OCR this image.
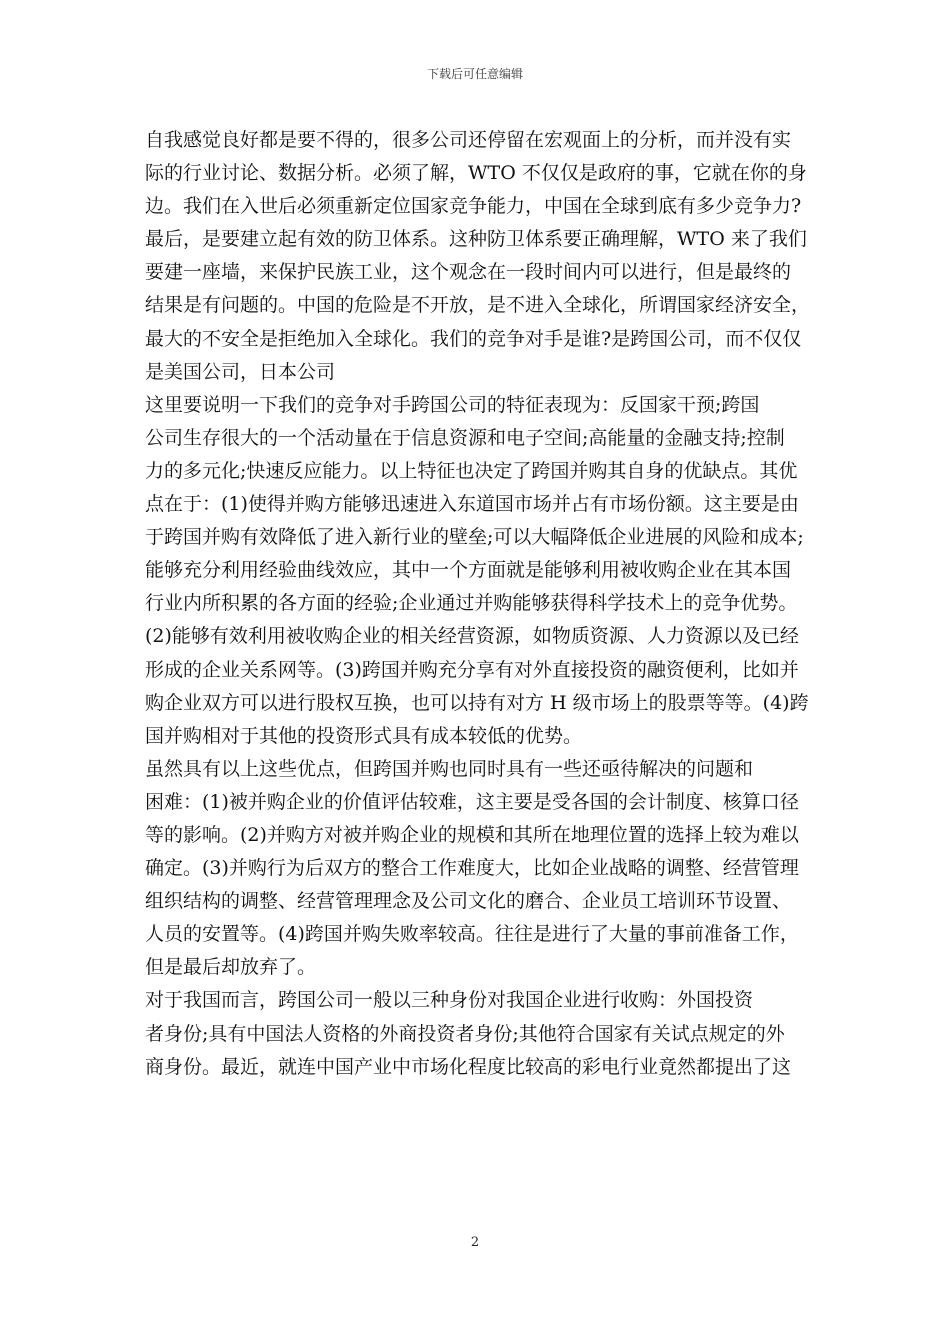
下载后可任意编辑
自我感觉良好都是要不得的，很多公司还停留在宏观面上的分析，而并没有实
际的行业讨论、数据分析。必须了解，WTO 不仅仅是政府的事，它就在你的身
边。我们在入世后必须重新定位国家竞争能力，中国在全球到底有多少竞争力?
最后，是要建立起有效的防卫体系。这种防卫体系要正确理解，WTO 来了我们
要建一座墙，来保护民族工业，这个观念在一段时间内可以进行，但是最终的
结果是有问题的。中国的危险是不开放，是不进入全球化，所谓国家经济安全，
最大的不安全是拒绝加入全球化。我们的竞争对手是谁?是跨国公司，而不仅仅
是美国公司，日本公司
这里要说明一下我们的竞争对手跨国公司的特征表现为：反国家干预;跨国
公司生存很大的一个活动量在于信息资源和电子空间;高能量的金融支持;控制
力的多元化;快速反应能力。以上特征也决定了跨国并购其自身的优缺点。其优
点在于：(1)使得并购方能够迅速进入东道国市场并占有市场份额。这主要是由
于跨国并购有效降低了进入新行业的壁垒;可以大幅降低企业进展的风险和成本;
能够充分利用经验曲线效应，其中一个方面就是能够利用被收购企业在其本国
行业内所积累的各方面的经验;企业通过并购能够获得科学技术上的竞争优势。
(2)能够有效利用被收购企业的相关经营资源，如物质资源、人力资源以及已经
形成的企业关系网等。(3)跨国并购充分享有对外直接投资的融资便利，比如并
购企业双方可以进行股权互换，也可以持有对方 H 级市场上的股票等等。(4)跨
国并购相对于其他的投资形式具有成本较低的优势。
虽然具有以上这些优点，但跨国并购也同时具有一些还亟待解决的问题和
困难：(1)被并购企业的价值评估较难，这主要是受各国的会计制度、核算口径
等的影响。(2)并购方对被并购企业的规模和其所在地理位置的选择上较为难以
确定。(3)并购行为后双方的整合工作难度大，比如企业战略的调整、经营管理
组织结构的调整、经营管理理念及公司文化的磨合、企业员工培训环节设置、
人员的安置等。(4)跨国并购失败率较高。往往是进行了大量的事前准备工作，
但是最后却放弃了。
对于我国而言，跨国公司一般以三种身份对我国企业进行收购：外国投资
者身份;具有中国法人资格的外商投资者身份;其他符合国家有关试点规定的外
商身份。最近，就连中国产业中市场化程度比较高的彩电行业竟然都提出了这
2
